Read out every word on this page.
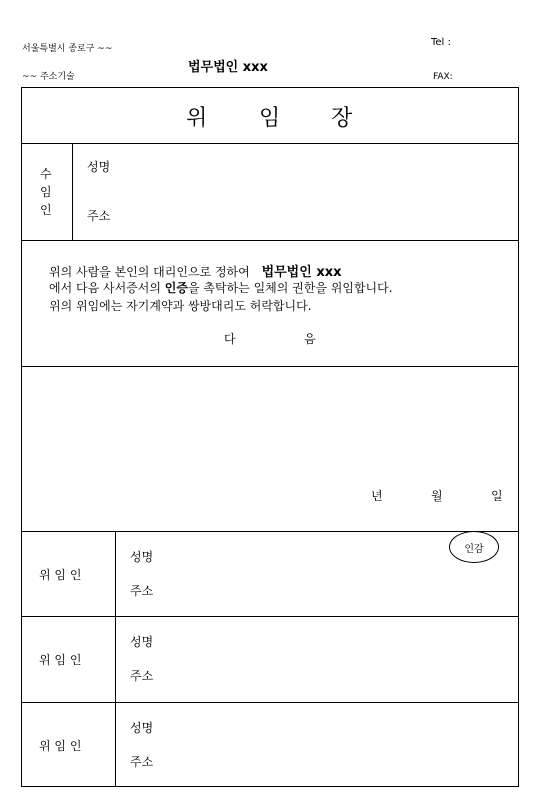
서울특별시 종로구 ~~
~~ 주소기술
법무법인 xxx
Tel :
FAX:
위 임 장
수
임
인
성명
주소
위의 사람을 본인의 대리인으로 정하여 법무법인 xxx
에서 다음 사서증서의 인증을 촉탁하는 일체의 권한을 위임합니다.
위의 위임에는 자기계약과 쌍방대리도 허락합니다.
다	음
년	월	일
인감
위 임 인
성명
주소
위 임 인
성명
주소
위 임 인
성명
주소
